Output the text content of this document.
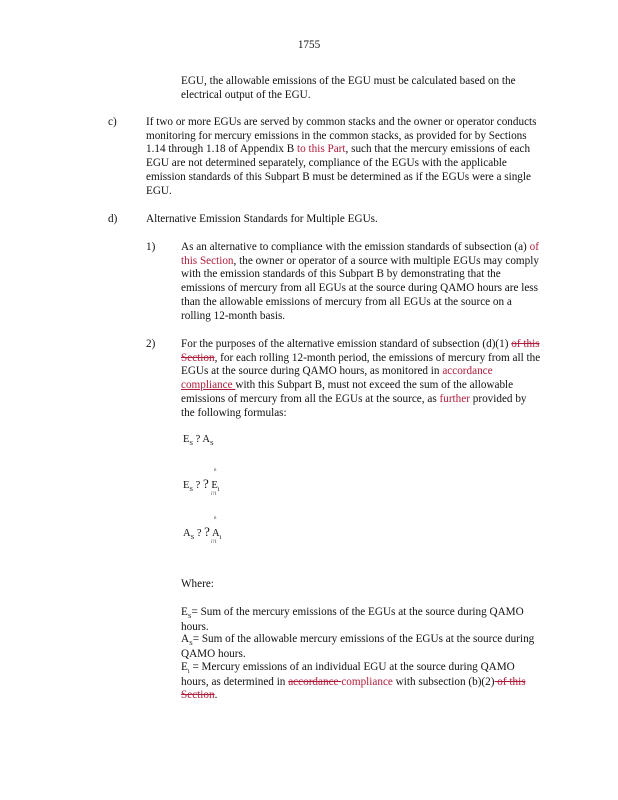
1755

EGU, the allowable emissions of the EGU must be calculated based on the electrical output of the EGU.

c)	If two or more EGUs are served by common stacks and the owner or operator conducts monitoring for mercury emissions in the common stacks, as provided for by Sections 1.14 through 1.18 of Appendix B to this Part, such that the mercury emissions of each EGU are not determined separately, compliance of the EGUs with the applicable emission standards of this Subpart B must be determined as if the EGUs were a single EGU.

d)	Alternative Emission Standards for Multiple EGUs.
1) As an alternative to compliance with the emission standards of subsection (a) of this Section, the owner or operator of a source with multiple EGUs may comply with the emission standards of this Subpart B by demonstrating that the emissions of mercury from all EGUs at the source during QAMO hours are less than the allowable emissions of mercury from all EGUs at the source on a rolling 12-month basis.

2) For the purposes of the alternative emission standard of subsection (d)(1) of this Section, for each rolling 12-month period, the emissions of mercury from all the EGUs at the source during QAMO hours, as monitored in accordance compliance with this Subpart B, must not exceed the sum of the allowable emissions of mercury from all the EGUs at the source, as further provided by the following formulas:

$E_S$ ? $A_S$
$E_S$ ? ? $E_i$
n
i?1
$A_S$ ? ? $A_i$
n
i?1
Where:

$E_S=$ Sum of the mercury emissions of the EGUs at the source during QAMO hours.

$A_S=$ Sum of the allowable mercury emissions of the EGUs at the source during QAMO hours.

$E_i$ = Mercury emissions of an individual EGU at the source during QAMO hours, as determined in accordance compliance with subsection (b)(2) of this Section.
